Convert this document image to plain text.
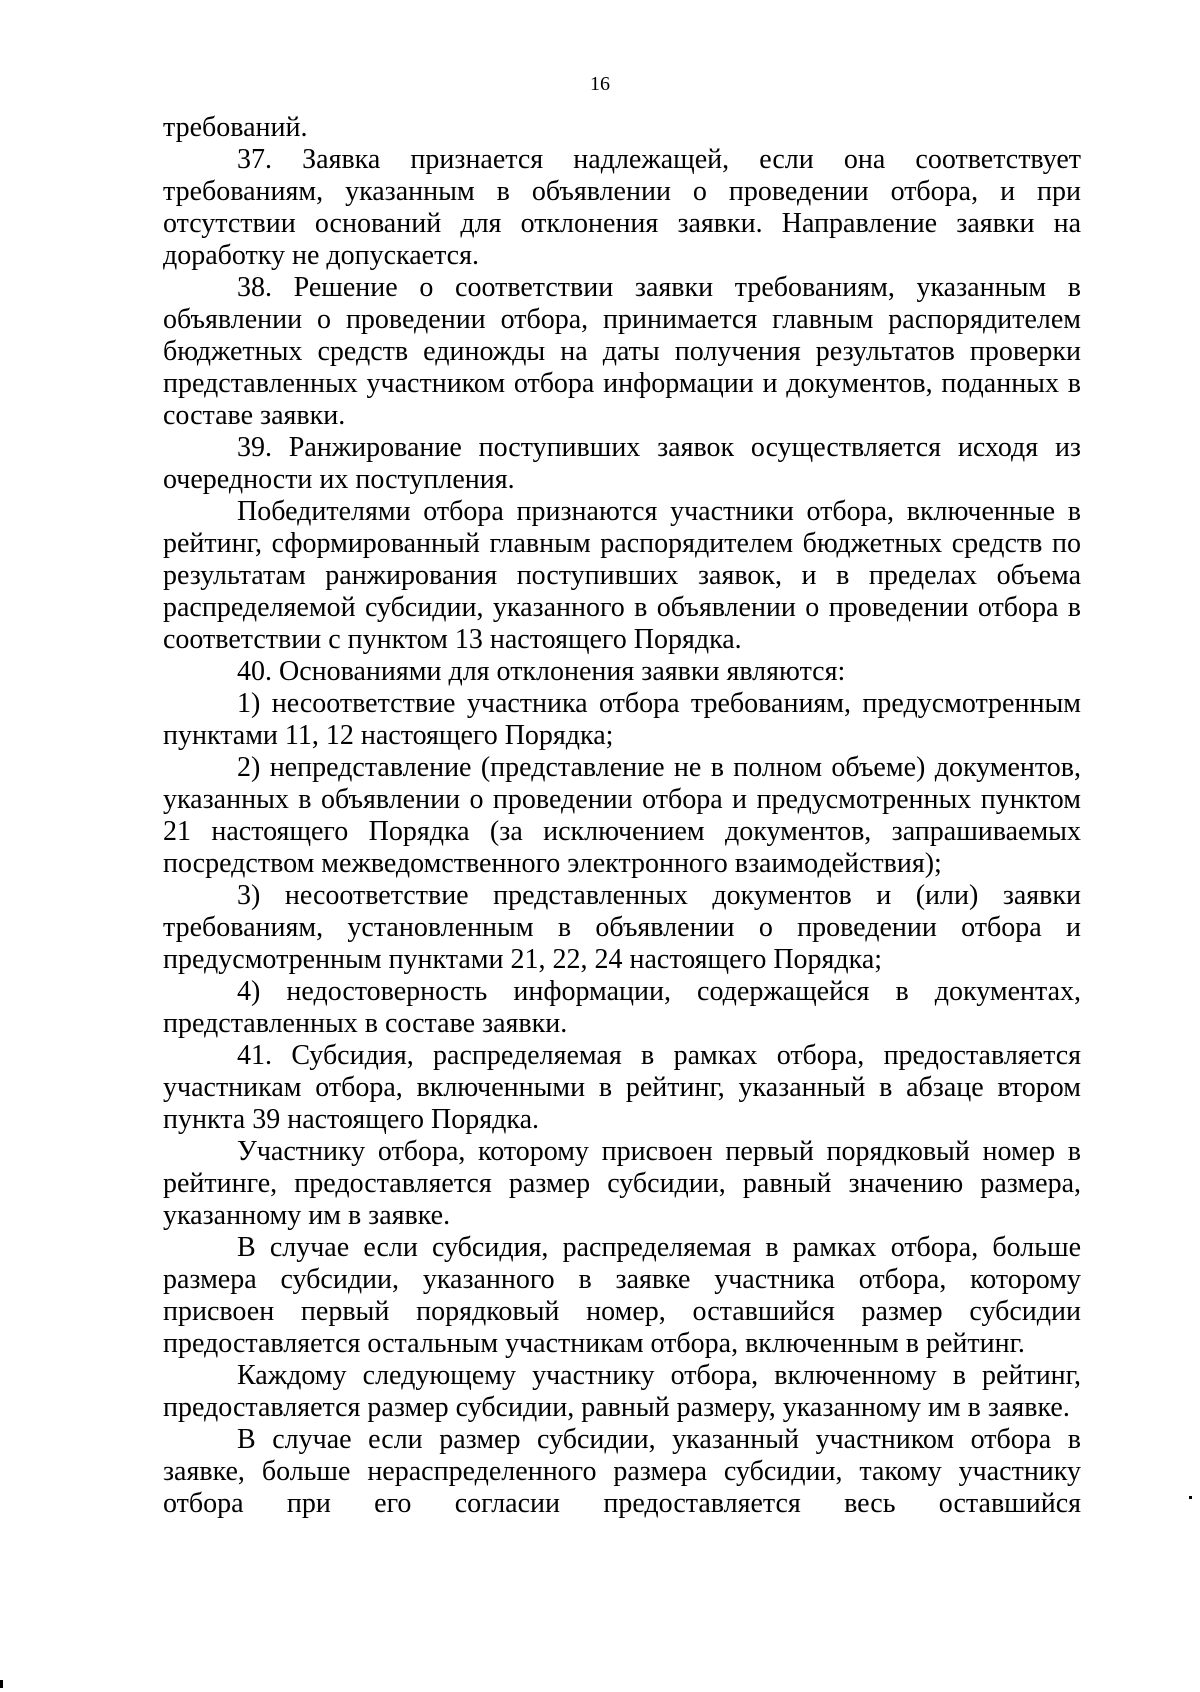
16

требований.

37. Заявка признается надлежащей, если она соответствует требованиям, указанным в объявлении о проведении отбора, и при отсутствии оснований для отклонения заявки. Направление заявки на доработку не допускается.

38. Решение о соответствии заявки требованиям, указанным в объявлении о проведении отбора, принимается главным распорядителем бюджетных средств единожды на даты получения результатов проверки представленных участником отбора информации и документов, поданных в составе заявки.

39. Ранжирование поступивших заявок осуществляется исходя из очередности их поступления.

Победителями отбора признаются участники отбора, включенные в рейтинг, сформированный главным распорядителем бюджетных средств по результатам ранжирования поступивших заявок, и в пределах объема распределяемой субсидии, указанного в объявлении о проведении отбора в соответствии с пунктом 13 настоящего Порядка.

40. Основаниями для отклонения заявки являются:

1) несоответствие участника отбора требованиям, предусмотренным пунктами 11, 12 настоящего Порядка;

2) непредставление (представление не в полном объеме) документов, указанных в объявлении о проведении отбора и предусмотренных пунктом 21 настоящего Порядка (за исключением документов, запрашиваемых посредством межведомственного электронного взаимодействия);

3) несоответствие представленных документов и (или) заявки требованиям, установленным в объявлении о проведении отбора и предусмотренным пунктами 21, 22, 24 настоящего Порядка;

4) недостоверность информации, содержащейся в документах, представленных в составе заявки.

41. Субсидия, распределяемая в рамках отбора, предоставляется участникам отбора, включенными в рейтинг, указанный в абзаце втором пункта 39 настоящего Порядка.

Участнику отбора, которому присвоен первый порядковый номер в рейтинге, предоставляется размер субсидии, равный значению размера, указанному им в заявке.

В случае если субсидия, распределяемая в рамках отбора, больше размера субсидии, указанного в заявке участника отбора, которому присвоен первый порядковый номер, оставшийся размер субсидии предоставляется остальным участникам отбора, включенным в рейтинг.

Каждому следующему участнику отбора, включенному в рейтинг, предоставляется размер субсидии, равный размеру, указанному им в заявке.

В случае если размер субсидии, указанный участником отбора в заявке, больше нераспределенного размера субсидии, такому участнику отбора при его согласии предоставляется весь оставшийся
